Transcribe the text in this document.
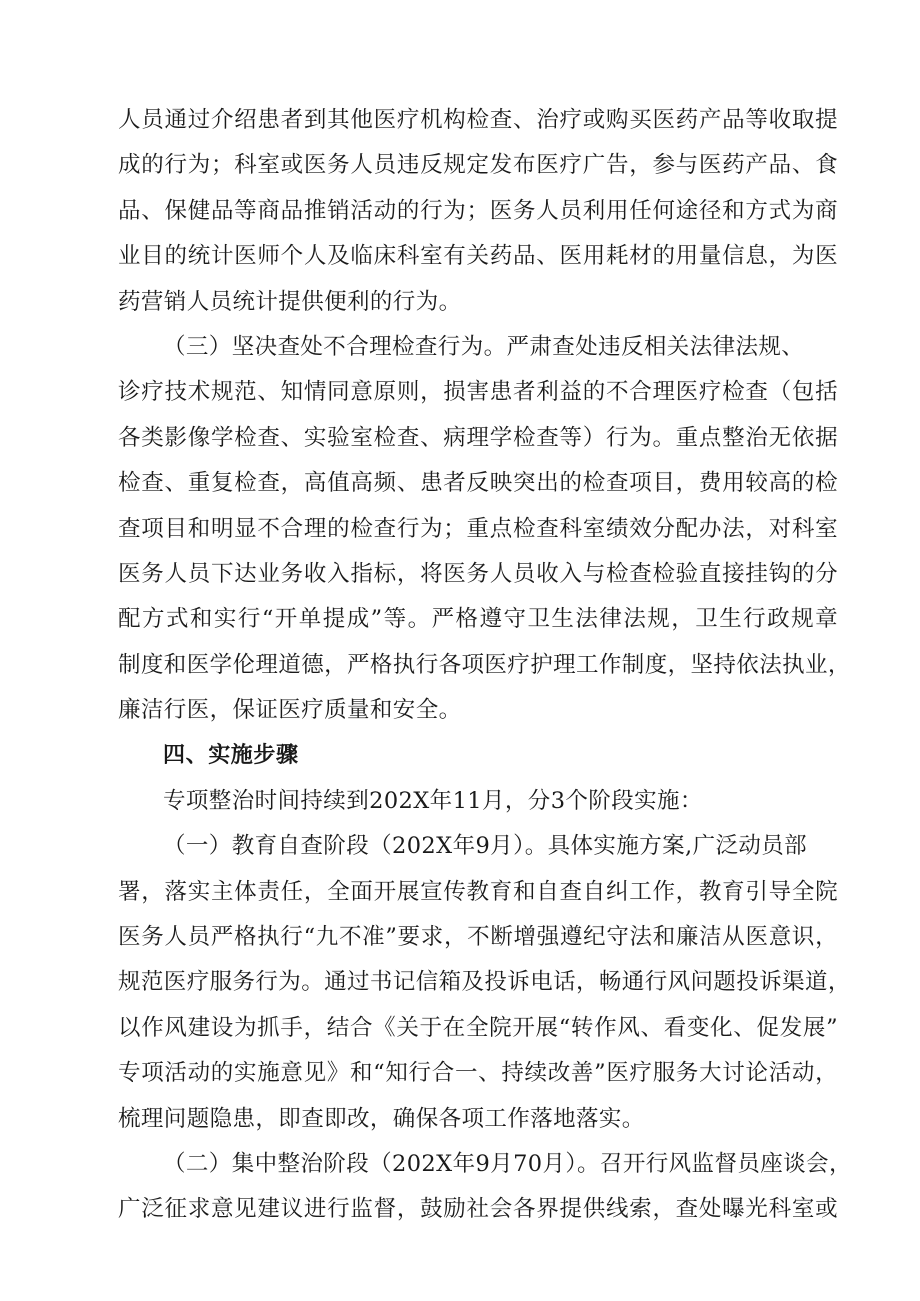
人员通过介绍患者到其他医疗机构检查、治疗或购买医药产品等收取提
成的行为；科室或医务人员违反规定发布医疗广告，参与医药产品、食
品、保健品等商品推销活动的行为；医务人员利用任何途径和方式为商
业目的统计医师个人及临床科室有关药品、医用耗材的用量信息，为医
药营销人员统计提供便利的行为。
（三）坚决查处不合理检查行为。严肃查处违反相关法律法规、
诊疗技术规范、知情同意原则，损害患者利益的不合理医疗检查（包括
各类影像学检查、实验室检查、病理学检查等）行为。重点整治无依据
检查、重复检查，高值高频、患者反映突出的检查项目，费用较高的检
查项目和明显不合理的检查行为；重点检查科室绩效分配办法，对科室
医务人员下达业务收入指标，将医务人员收入与检查检验直接挂钩的分
配方式和实行“开单提成”等。严格遵守卫生法律法规，卫生行政规章
制度和医学伦理道德，严格执行各项医疗护理工作制度，坚持依法执业，
廉洁行医，保证医疗质量和安全。
四、实施步骤
专项整治时间持续到202X年11月，分3个阶段实施：
（一）教育自查阶段（202X年9月）。具体实施方案,广泛动员部
署，落实主体责任，全面开展宣传教育和自查自纠工作，教育引导全院
医务人员严格执行“九不准”要求，不断增强遵纪守法和廉洁从医意识，
规范医疗服务行为。通过书记信箱及投诉电话，畅通行风问题投诉渠道，
以作风建设为抓手，结合《关于在全院开展“转作风、看变化、促发展”
专项活动的实施意见》和“知行合一、持续改善”医疗服务大讨论活动，
梳理问题隐患，即查即改，确保各项工作落地落实。
（二）集中整治阶段（202X年9月70月）。召开行风监督员座谈会，
广泛征求意见建议进行监督，鼓励社会各界提供线索，查处曝光科室或
